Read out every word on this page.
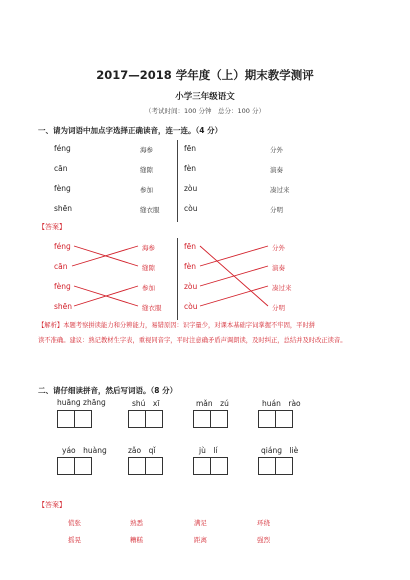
2017—2018 学年度（上）期末教学测评
小学三年级语文
（考试时间：100 分钟　总分：100 分）
一、请为词语中加点字选择正确读音，连一连。（4 分）
fénɡ
cān
fènɡ
shēn
海参
缝隙
参加
缝衣服
fēn
fèn
zòu
còu
分外
演奏
凑过来
分明
【答案】
fénɡ
cān
fènɡ
shēn
海参
缝隙
参加
缝衣服
fēn
fèn
zòu
còu
分外
演奏
凑过来
分明
【解析】本题考察拼读能力和分辨能力，易错原因：识字量少，对课本基础字词掌握不牢固，平时拼
读不准确。建议：熟记教材生字表，重视同音字，平时注意确矛盾声调朗读，及时纠正，总结并及时改正读音。
二、请仔细读拼音，然后写词语。（8 分）
huānɡ zhānɡ	shú　xī	mǎn　zú	huán　rào
yáo　huànɡ	zǎo　qǐ	jù　lí	qiánɡ　liè
【答案】
慌张	熟悉	满足	环绕
摇晃	糟糕	距离	强烈
